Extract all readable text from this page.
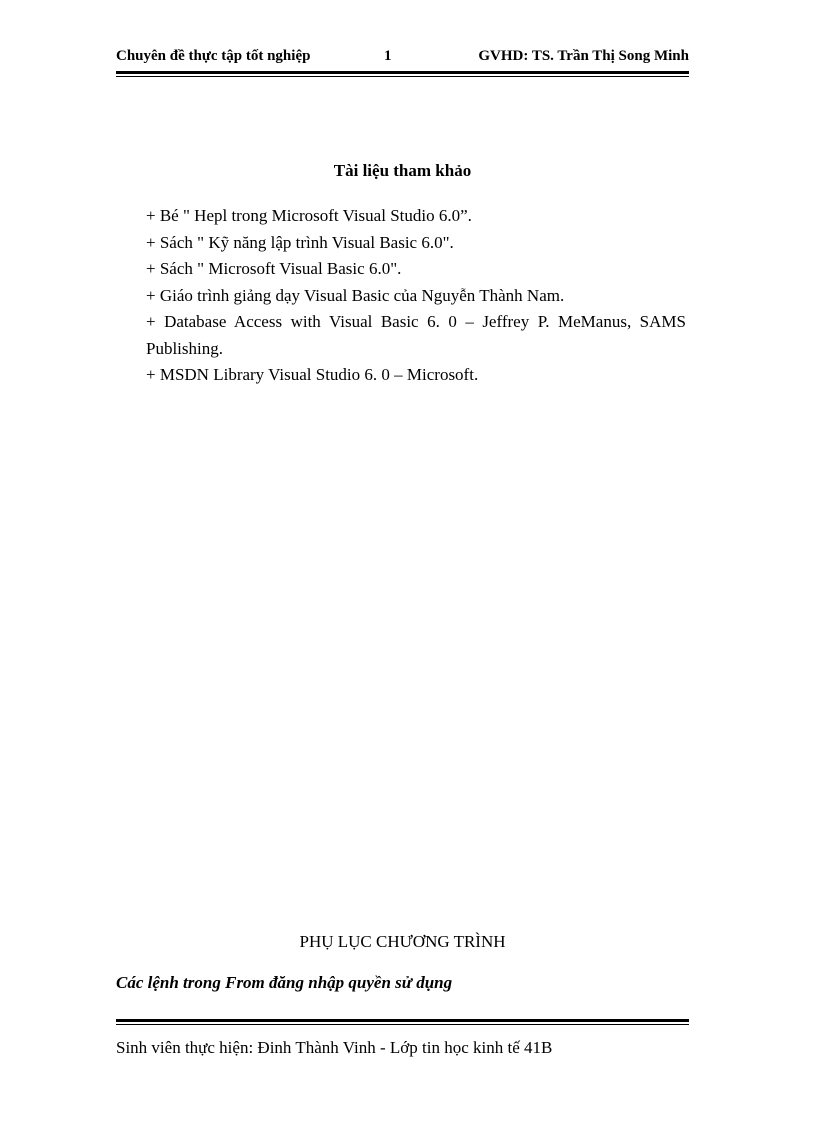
Chuyên đề thực tập tốt nghiệp	1	GVHD: TS. Trần Thị Song Minh
Tài liệu tham khảo
+ Bé " Hepl trong Microsoft Visual Studio 6.0”.
+ Sách " Kỹ năng lập trình Visual Basic 6.0".
+ Sách " Microsoft Visual Basic 6.0".
+ Giáo trình giảng dạy Visual Basic của Nguyễn Thành Nam.
+ Database Access with Visual Basic 6. 0 – Jeffrey P. MeManus, SAMS Publishing.
+ MSDN Library Visual Studio 6. 0 – Microsoft.
PHỤ LỤC CHƯƠNG TRÌNH
Các lệnh trong From đăng nhập quyền sử dụng
Sinh viên thực hiện: Đinh Thành Vinh - Lớp tin học kinh tế 41B
